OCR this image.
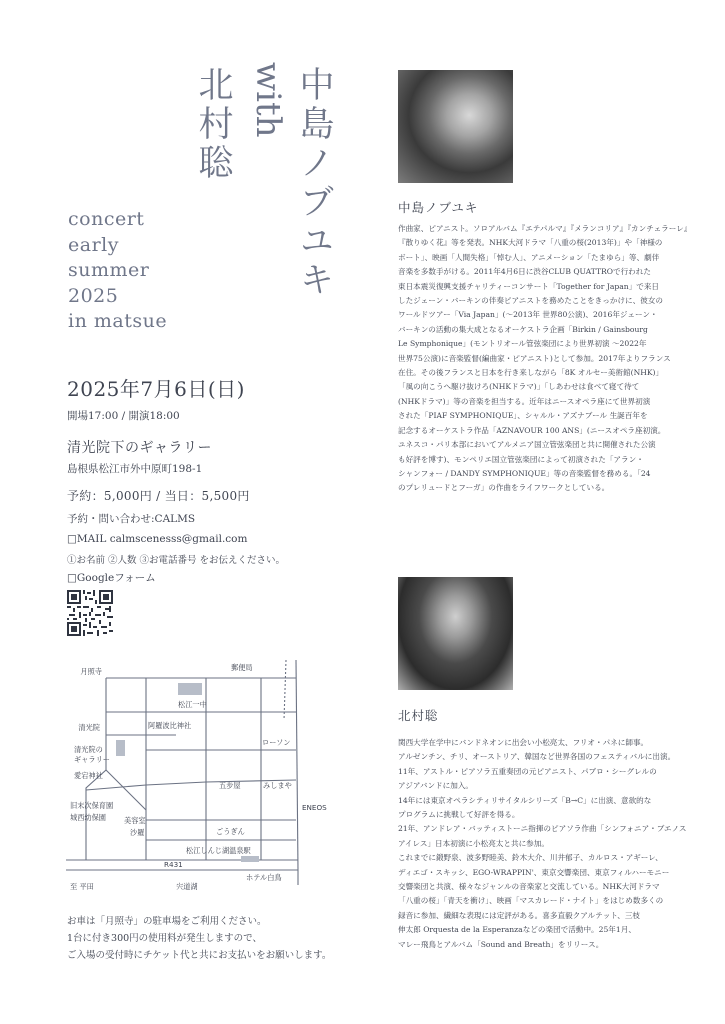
中島ノブユキ
with
北村聡
concert
early
summer
2025
in matsue
2025年7月6日(日)
開場17:00 / 開演18:00
清光院下のギャラリー
島根県松江市外中原町198-1
予約：5,000円 / 当日：5,500円
予約・問い合わせ:CALMS
□MAIL calmscenesss@gmail.com
①お名前 ②人数 ③お電話番号 をお伝えください。
□Googleフォーム
月照寺	郵便局
松江一中
清光院	阿羅波比神社
ローソン
清光院の
ギャラリー
愛宕神社
五步屋	みしまや
旧末次保育園
城西幼保園
ENEOS
美容室
沙羅	ごうぎん
松江しんじ湖温泉駅
R431
ホテル白鳥
至 平田	宍道湖
お車は「月照寺」の駐車場をご利用ください。
1台に付き300円の使用料が発生しますので、
ご入場の受付時にチケット代と共にお支払いをお願いします。
中島ノブユキ

作曲家、ピアニスト。ソロアルバム『エテパルマ』『メランコリア』『カンチェラーレ』

『散りゆく花』等を発表。NHK大河ドラマ「八重の桜(2013年)」や「神様の

ボート」、映画「人間失格」「悼む人」、アニメーション「たまゆら」等、劇伴

音楽を多数手がける。2011年4月6日に渋谷CLUB QUATTROで行われた

東日本震災復興支援チャリティーコンサート「Together for Japan」で来日

したジェーン・バーキンの伴奏ピアニストを務めたことをきっかけに、彼女の

ワールドツアー「Via Japan」(〜2013年 世界80公演)、2016年ジェーン・

バーキンの活動の集大成となるオーケストラ企画「Birkin / Gainsbourg

Le Symphonique」(モントリオール管弦楽団により世界初演 〜2022年

世界75公演)に音楽監督(編曲家・ピアニスト)として参加。2017年よりフランス

在住。その後フランスと日本を行き来しながら「8K オルセー美術館(NHK)」

「風の向こうへ駆け抜けろ(NHKドラマ)」「しあわせは食べて寝て待て

(NHKドラマ)」等の音楽を担当する。近年はニースオペラ座にて世界初演

された「PIAF SYMPHONIQUE」、シャルル・アズナブール 生誕百年を

記念するオーケストラ作品「AZNAVOUR 100 ANS」(ニースオペラ座初演。

ユネスコ・パリ本部においてアルメニア国立管弦楽団と共に開催された公演

も好評を博す)、モンペリエ国立管弦楽団によって初演された「アラン・

シャンフォー / DANDY SYMPHONIQUE」等の音楽監督を務める。「24

のプレリュードとフーガ」の作曲をライフワークとしている。

北村聡

関西大学在学中にバンドネオンに出会い小松亮太、フリオ・パネに師事。

アルゼンチン、チリ、オーストリア、韓国など世界各国のフェスティバルに出演。

11年、アストル・ピアソラ五重奏団の元ピアニスト、パブロ・シーグレルの

アジアバンドに加入。

14年には東京オペラシティリサイタルシリーズ「B→C」に出演、意欲的な

プログラムに挑戦して好評を得る。

21年、アンドレア・バッティストーニ指揮のピアソラ作曲「シンフォニア・ブエノス

アイレス」日本初演に小松亮太と共に参加。

これまでに鍛野泉、波多野睦美、鈴木大介、川井郁子、カルロス・アギーレ、

ディエゴ・スキッシ、EGO-WRAPPIN'、東京交響楽団、東京フィルハーモニー

交響楽団と共演、様々なジャンルの音楽家と交流している。NHK大河ドラマ

「八重の桜」「青天を衝け」、映画「マスカレード・ナイト」をはじめ数多くの

録音に参加、繊細な表現には定評がある。喜多直毅クアルテット、三枝

伸太郎 Orquesta de la Esperanzaなどの楽団で活動中。25年1月、

マレー飛鳥とアルバム「Sound and Breath」をリリース。
